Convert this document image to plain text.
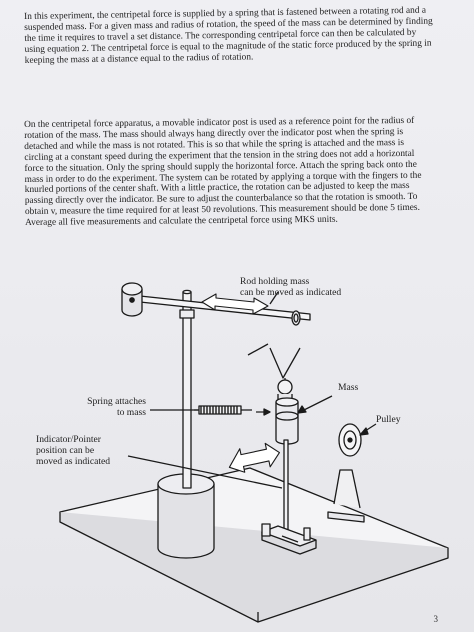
In this experiment, the centripetal force is supplied by a spring that is fastened between a rotating rod and a suspended mass. For a given mass and radius of rotation, the speed of the mass can be determined by finding the time it requires to travel a set distance. The corresponding centripetal force can then be calculated by using equation 2. The centripetal force is equal to the magnitude of the static force produced by the spring in keeping the mass at a distance equal to the radius of rotation.

On the centripetal force apparatus, a movable indicator post is used as a reference point for the radius of rotation of the mass. The mass should always hang directly over the indicator post when the spring is detached and while the mass is not rotated. This is so that while the spring is attached and the mass is circling at a constant speed during the experiment that the tension in the string does not add a horizontal force to the situation. Only the spring should supply the horizontal force. Attach the spring back onto the mass in order to do the experiment. The system can be rotated by applying a torque with the fingers to the knurled portions of the center shaft. With a little practice, the rotation can be adjusted to keep the mass passing directly over the indicator. Be sure to adjust the counterbalance so that the rotation is smooth. To obtain v, measure the time required for at least 50 revolutions. This measurement should be done 5 times. Average all five measurements and calculate the centripetal force using MKS units.

Rod holding mass
can be moved as indicated
Mass
Spring attaches
to mass
Pulley
Indicator/Pointer
position can be
moved as indicated
3
